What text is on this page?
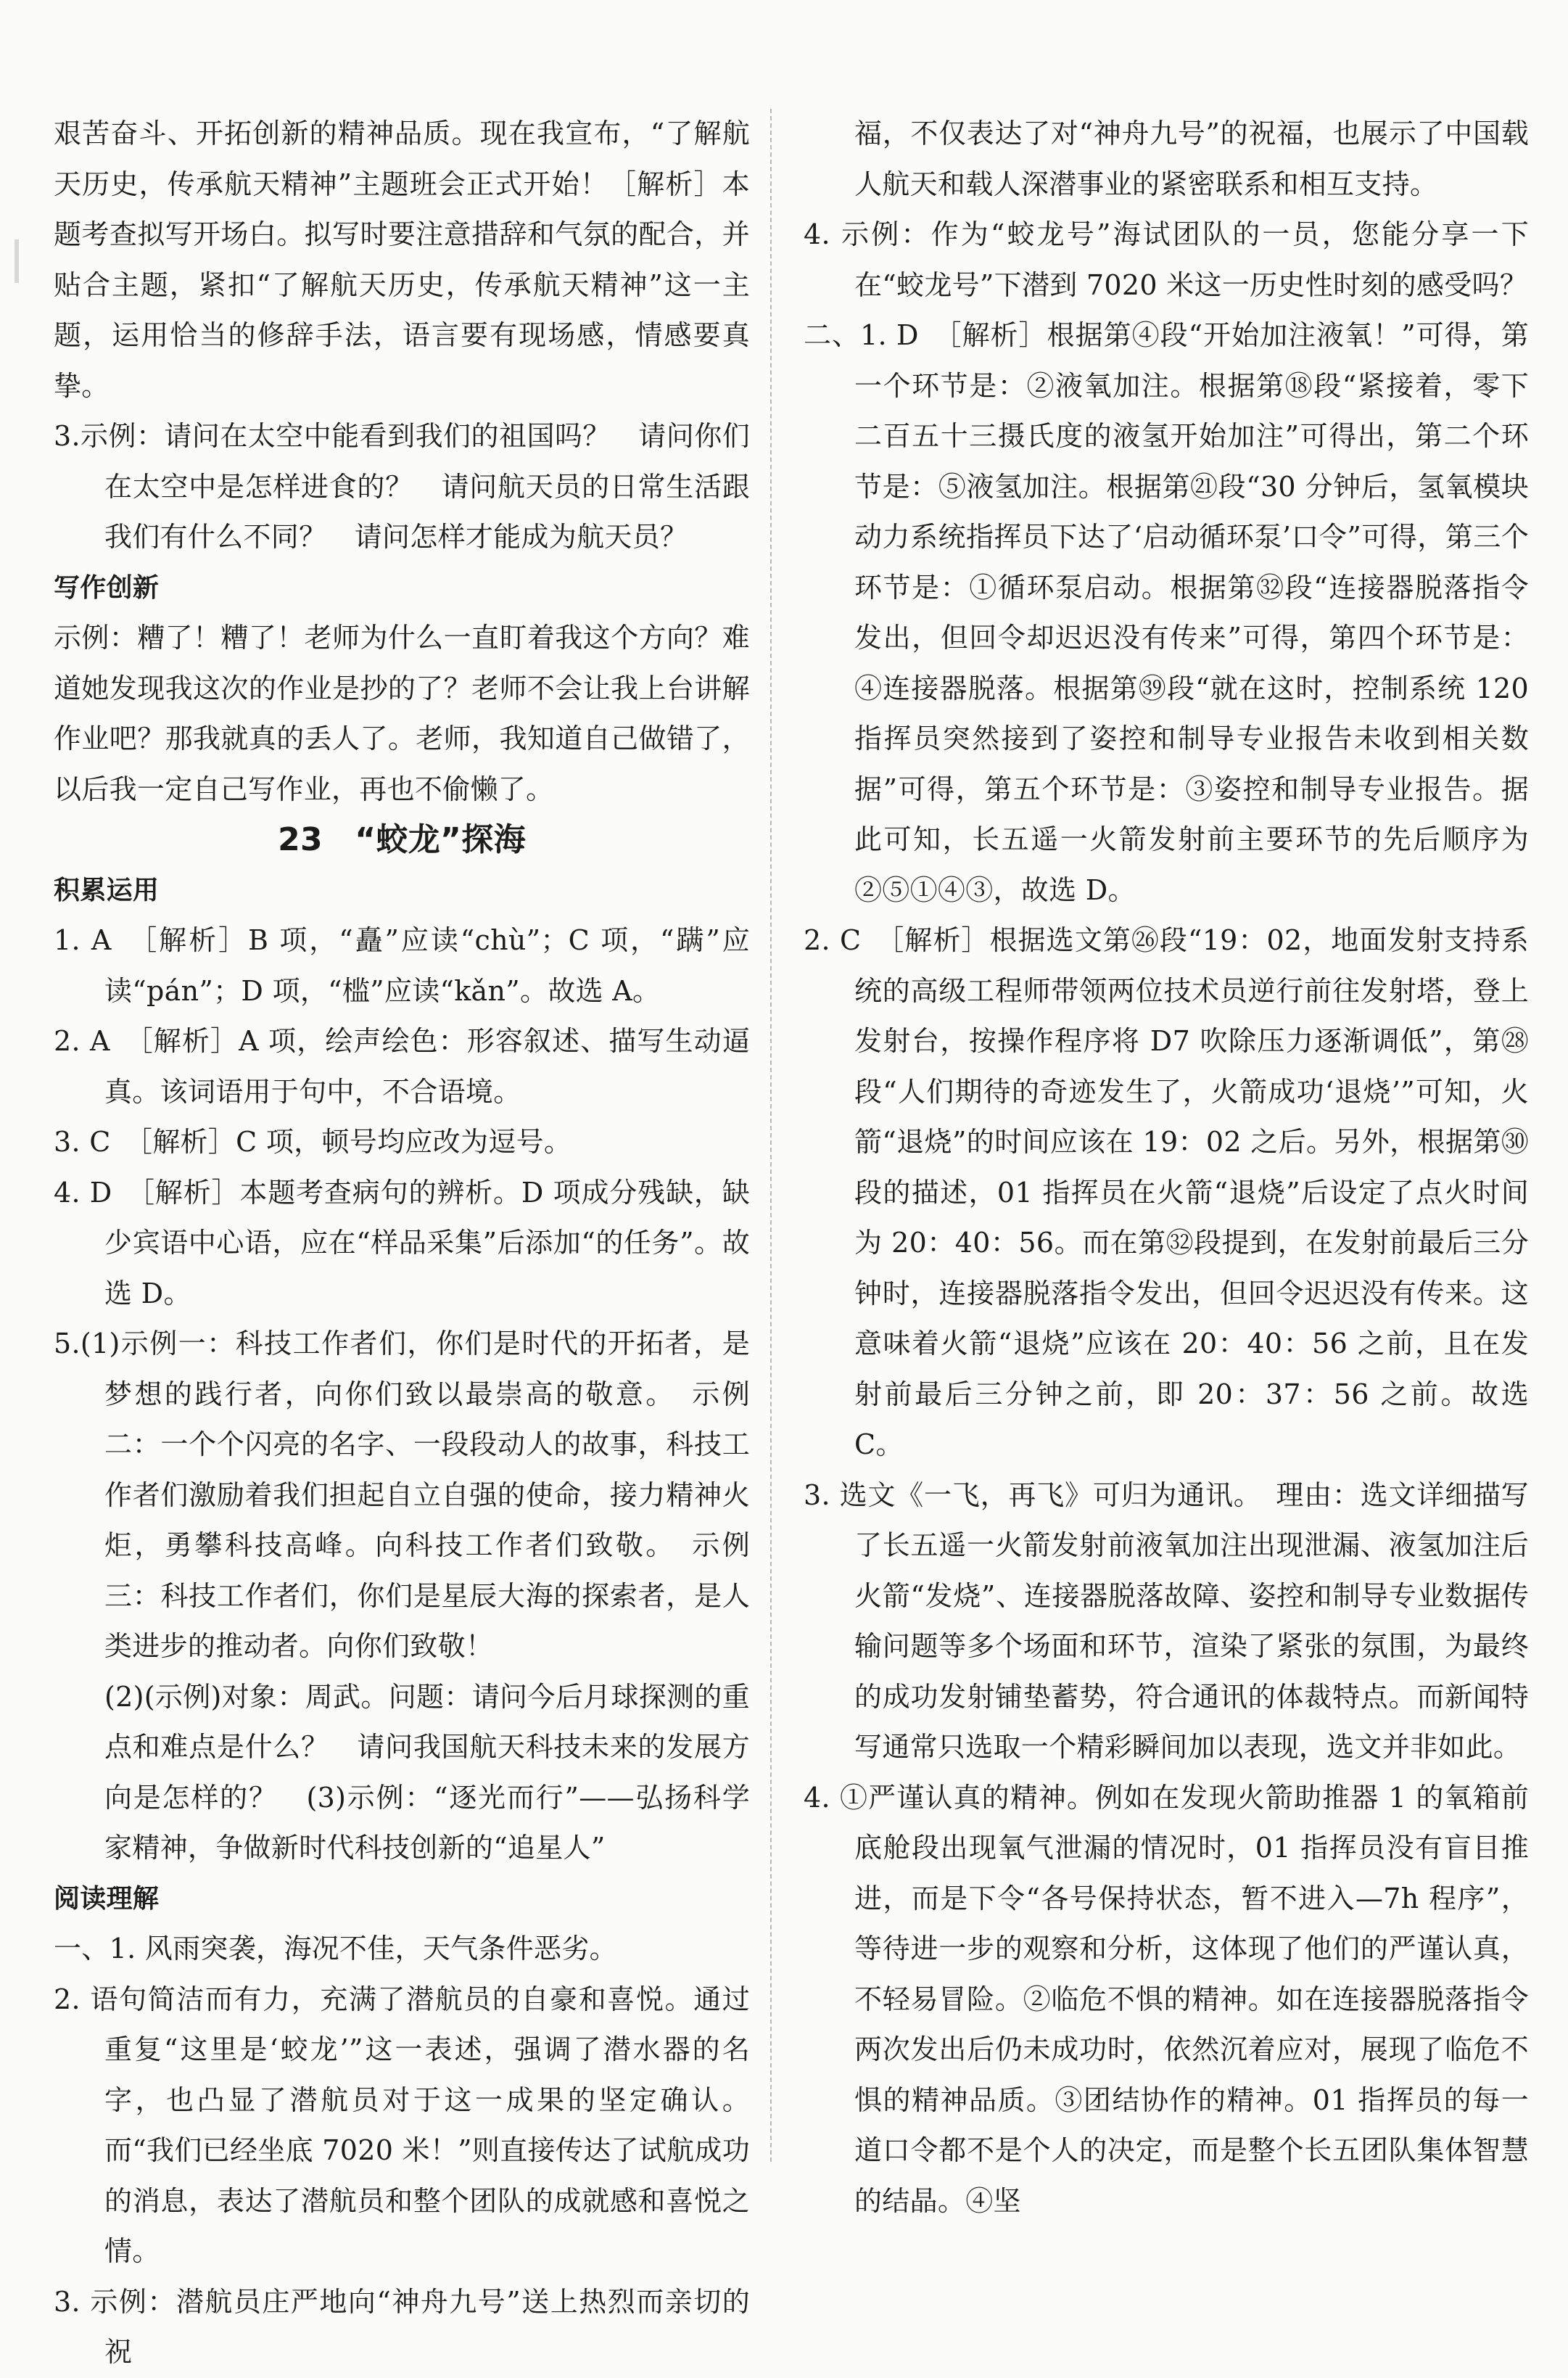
艰苦奋斗、开拓创新的精神品质。现在我宣布，“了解航天历史，传承航天精神”主题班会正式开始！［解析］本题考查拟写开场白。拟写时要注意措辞和气氛的配合，并贴合主题，紧扣“了解航天历史，传承航天精神”这一主题，运用恰当的修辞手法，语言要有现场感，情感要真挚。

3.示例：请问在太空中能看到我们的祖国吗？　请问你们在太空中是怎样进食的？　请问航天员的日常生活跟我们有什么不同？　请问怎样才能成为航天员？

写作创新

示例：糟了！糟了！老师为什么一直盯着我这个方向？难道她发现我这次的作业是抄的了？老师不会让我上台讲解作业吧？那我就真的丢人了。老师，我知道自己做错了，以后我一定自己写作业，再也不偷懒了。

23　“蛟龙”探海

积累运用

1. A　［解析］B 项，“矗”应读“chù”；C 项，“蹒”应读“pán”；D 项，“槛”应读“kǎn”。故选 A。

2. A　［解析］A 项，绘声绘色：形容叙述、描写生动逼真。该词语用于句中，不合语境。

3. C　［解析］C 项，顿号均应改为逗号。

4. D　［解析］本题考查病句的辨析。D 项成分残缺，缺少宾语中心语，应在“样品采集”后添加“的任务”。故选 D。

5.(1)示例一：科技工作者们，你们是时代的开拓者，是梦想的践行者，向你们致以最崇高的敬意。　示例二：一个个闪亮的名字、一段段动人的故事，科技工作者们激励着我们担起自立自强的使命，接力精神火炬，勇攀科技高峰。向科技工作者们致敬。　示例三：科技工作者们，你们是星辰大海的探索者，是人类进步的推动者。向你们致敬！

(2)(示例)对象：周武。问题：请问今后月球探测的重点和难点是什么？　请问我国航天科技未来的发展方向是怎样的？　(3)示例：“逐光而行”——弘扬科学家精神，争做新时代科技创新的“追星人”

阅读理解

一、1. 风雨突袭，海况不佳，天气条件恶劣。

2. 语句简洁而有力，充满了潜航员的自豪和喜悦。通过重复“这里是‘蛟龙’”这一表述，强调了潜水器的名字，也凸显了潜航员对于这一成果的坚定确认。而“我们已经坐底 7020 米！”则直接传达了试航成功的消息，表达了潜航员和整个团队的成就感和喜悦之情。

3. 示例：潜航员庄严地向“神舟九号”送上热烈而亲切的祝

福，不仅表达了对“神舟九号”的祝福，也展示了中国载人航天和载人深潜事业的紧密联系和相互支持。

4. 示例：作为“蛟龙号”海试团队的一员，您能分享一下在“蛟龙号”下潜到 7020 米这一历史性时刻的感受吗？

二、1. D　［解析］根据第④段“开始加注液氧！”可得，第一个环节是：②液氧加注。根据第⑱段“紧接着，零下二百五十三摄氏度的液氢开始加注”可得出，第二个环节是：⑤液氢加注。根据第㉑段“30 分钟后，氢氧模块动力系统指挥员下达了‘启动循环泵’口令”可得，第三个环节是：①循环泵启动。根据第㉜段“连接器脱落指令发出，但回令却迟迟没有传来”可得，第四个环节是：④连接器脱落。根据第㊴段“就在这时，控制系统 120 指挥员突然接到了姿控和制导专业报告未收到相关数据”可得，第五个环节是：③姿控和制导专业报告。据此可知，长五遥一火箭发射前主要环节的先后顺序为②⑤①④③，故选 D。

2. C　［解析］根据选文第㉖段“19：02，地面发射支持系统的高级工程师带领两位技术员逆行前往发射塔，登上发射台，按操作程序将 D7 吹除压力逐渐调低”，第㉘段“人们期待的奇迹发生了，火箭成功‘退烧’”可知，火箭“退烧”的时间应该在 19：02 之后。另外，根据第㉚段的描述，01 指挥员在火箭“退烧”后设定了点火时间为 20：40：56。而在第㉜段提到，在发射前最后三分钟时，连接器脱落指令发出，但回令迟迟没有传来。这意味着火箭“退烧”应该在 20：40：56 之前，且在发射前最后三分钟之前，即 20：37：56 之前。故选 C。

3. 选文《一飞，再飞》可归为通讯。　理由：选文详细描写了长五遥一火箭发射前液氧加注出现泄漏、液氢加注后火箭“发烧”、连接器脱落故障、姿控和制导专业数据传输问题等多个场面和环节，渲染了紧张的氛围，为最终的成功发射铺垫蓄势，符合通讯的体裁特点。而新闻特写通常只选取一个精彩瞬间加以表现，选文并非如此。

4. ①严谨认真的精神。例如在发现火箭助推器 1 的氧箱前底舱段出现氧气泄漏的情况时，01 指挥员没有盲目推进，而是下令“各号保持状态，暂不进入—7h 程序”，等待进一步的观察和分析，这体现了他们的严谨认真，不轻易冒险。②临危不惧的精神。如在连接器脱落指令两次发出后仍未成功时，依然沉着应对，展现了临危不惧的精神品质。③团结协作的精神。01 指挥员的每一道口令都不是个人的决定，而是整个长五团队集体智慧的结晶。④坚
